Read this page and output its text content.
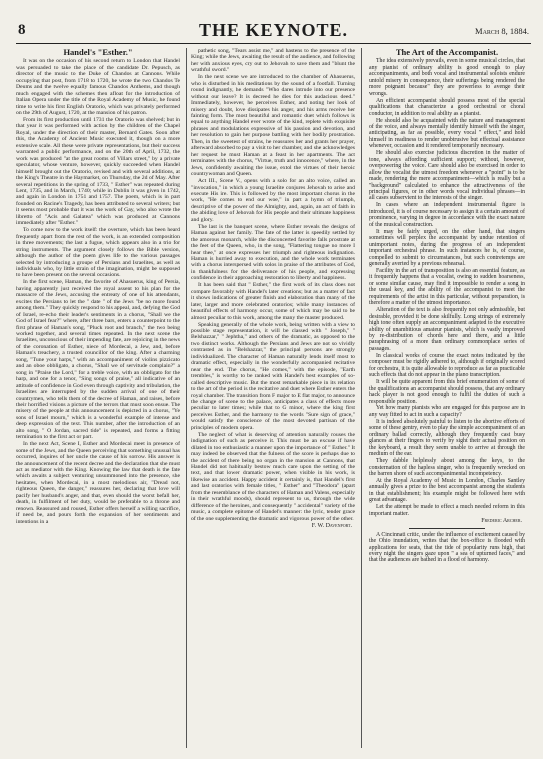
8	THE KEYNOTE.	March 8, 1884.
Handel's "Esther."

It was on the occasion of his second return to London that Handel was persuaded to take the place of the candidate Dr. Pepusch, as director of the music to the Duke of Chandos at Cannons. While occupying that post, from 1718 to 1720, he wrote the two Chandos Te Deums and the twelve equally famous Chandos Anthems, and though much engaged with the schemes then afloat for the introduction of Italian Opera under the title of the Royal Academy of Music, he found time to write his first English Oratorio, which was privately performed on the 29th of August, 1720, at the mansion of his patron.

From its first production until 1731 the Oratorio was shelved; but in that year it was performed with action by the children of the Chapel Royal, under the direction of their master, Bernard Gates. Soon after this, the Academy of Ancient Music executed it, though on a more extensive scale. All these were private representations, but their success warranted a public performance, and on the 20th of April, 1732, the work was produced "at the great rooms of Villars street," by a private speculator, whose venture, however, quickly succeeded when Handel himself brought out the Oratorio, revised and with several additions, at the King's Theatre in the Haymarket, on Thursday, the 2d of May. After several repetitions in the spring of 1733, " Esther" was repeated during Lent, 1735, and in March, 1740; while in Dublin it was given in 1742, and again in London in 1751 and 1757. The poem, which is in part founded on Racine's Tragedy, has been attributed to several writers; but it seems most probable that it was the work of Gay, who also wrote the libretto of "Acis and Galatea" which was produced at Cannons immediately after "Esther."

To come now to the work itself: the overture, which has been heard frequently apart from the rest of the work, is an extended composition in three movements; the last a fugue, which appears also in a trio for string instruments. The argument closely follows the Bible version, although the author of the poem gives life to the various passages selected by introducing a groupe of Persians and Israelites, as well as individuals who, by little strain of the imagination, might be supposed to have been present on the several occasions.

In the first scene, Haman, the favorite of Ahasuerus, king of Persia, having apparently just received the royal assent to his plan for the massacre of the Jews, accusing the entreaty of one of his attendants, excites the Persians to let the " date " of the Jews "be no more found among them." They quickly respond to his appeal, and, defying the God of Israel, re-echo their leader's sentiments in a chorus, "Shall we the God of Israel fear?" where, after three bars, enters a counterpoint to the first phrase of Haman's song, "Pluck root and branch," the two being worked together, and several times repeated. In the next scene the Israelites, unconscious of their impending fate, are rejoicing in the news of the coronation of Esther, niece of Mordecai, a Jew, and, before Haman's treachery, a trusted councillor of the king. After a charming song, "Tune your harps," with an accompaniment of violins pizzicato and an oboe obbligato, a chorus, "Shall we of servitude complain?" a song in "Praise the Lord," for a treble voice, with an obbligato for the harp, and one for a tenor, "Sing songs of praise," all indicative of an attitude of confidence in God even through captivity and tribulation, the Israelites are interrupted by the sudden arrival of one of their countrymen, who tells them of the decree of Haman, and raises, before their horrified visions a picture of the terrors that must soon ensue. The misery of the people at this announcement is depicted in a chorus, "Ye sons of Israel mourn," which is a wonderful example of intense and deep expression of the text. This number, after the introduction of an alto song, " O Jordan, sacred tide" is repeated, and forms a fitting termination to the first act or part.

In the next Act, Scene I, Esther and Mordecai meet in presence of some of the Jews, and the Queen perceiving that something unusual has occurred, inquires of her uncle the cause of his sorrow. His answer is the announcement of the recent decree and the declaration that she must act as mediator with the King. Knowing the law that death is the fate which awaits a subject venturing unsummoned into the presence, she hesitates, when Mordecai, in a most melodious air, "Dread not, righteous Queen, the danger," reassures her, declaring that love will pacify her husband's anger, and that, even should the worst befall her, death, in fulfilment of her duty, would be preferable to a throne and renown. Reassured and roused, Esther offers herself a willing sacrifice, if need be, and pours forth the expansion of her sentiments and intentions in a

pathetic song, "Tears assist me," and hastens to the presence of the King; while the Jews, awaiting the result of the audience, and following her with anxious eyes, cry out to Jehovah to save them and "blunt the wrathful sword."

In the next scene we are introduced to the chamber of Ahasuerus, who is disturbed in his meditations by the sound of a footfall. Turning round indignantly, he demands "Who dares intrude into our presence without our leave? It is decreed he dies for this audacious deed." Immediately, however, he perceives Esther, and noting her look of misery and doubt, love dissipates his anger, and his arms receive her fainting form. The most beautiful and romantic duet which follows is equal to anything Handel ever wrote of the kind, replete with exquisite phrases and modulations expressive of his passion and devotion, and her resolution to gain her purpose battling with her bodily prostration. Then, in the sweetest of strains, he reassures her and grants her prayer, afterward absorbed to pay a visit to her chamber, and she acknowledges her request he must Haman at a feast in her apartments. The act terminates with the chorus, "Virtue, truth and innocence," where, in the Jews, confidently awaiting the issue, extol the virtues of their heroic countrywoman and Queen.

Act III., Scene V., opens with a solo for an alto voice, called an "invocation," in which a young Israelite conjures Jehovah to arise and execute His ire. This is followed by the most important chorus in the work, "He comes to end our woe," in part a hymn of triumph, descriptive of the power of the Almighty, and, again, an act of faith in the abiding love of Jehovah for His people and their ultimate happiness and glory.

The last is the banquet scene, where Esther reveals the designs of Haman against her family. The fate of the latter is speedily settled by the amorous monarch, while the disconcerted favorite falls prostrate at the feet of the Queen, who, in the song, "Flattering tongue no more I hear thee," at once expresses her triumph and righteous indignation. Haman is hurried away to execution, and the whole work terminates with a chorus interspersed with solos in praise of the attributes of God, in thankfulness for the deliverance of his people, and expressing confidence in their approaching restoration to liberty and happiness.

It has been said that " Esther," the first work of its class does not compare favorably with Handel's later creations; but as a matter of fact it shows indications of greater finish and elaboration than many of the later, larger and more celebrated oratorios; while many instances of beautiful effects of harmony occur, some of which may be said to be almost peculiar to this work, among the many the master produced.

Speaking generally of the whole work, being written with a view to possible stage representation, it will be classed with " Joseph," " Belshazzar," " Jephtha," and others of the dramatic, as opposed to the two distinct works. Although the Persians and Jews are not so vividly contrasted as in "Belshazzar," the principal persons are strongly individualized. The character of Haman naturally lends itself most to dramatic effect, especially in the wonderfully accompanied recitative near the end. The chorus, "He comes," with the episode, "Earth trembles," is worthy to be ranked with Handel's best examples of so-called descriptive music. But the most remarkable piece in its relation to the art of the period is the recitative and duet where Esther enters the royal chamber. The transition from F major to E flat major, to announce the change of scene to the palace, anticipates a class of effects more peculiar to later times; while that to G minor, where the king first perceives Esther, and the harmony to the words "Sure sign of grace," would satisfy the conscience of the most devoted partisan of the principles of modern opera.

The neglect of what is deserving of attention naturally rouses the indignation of such as perceive it. This must be an excuse if have dilated in too enthusiastic a manner upon the importance of " Esther." It may indeed be observed that the fulness of the score is perhaps due to the accident of there being no organ in the mansion at Cannons, that Handel did not habitually bestow much care upon the setting of the text, and that lower dramatic power, when visible in his work, is likewise an accident. Happy accident it certainly is, that Handel's first and last oratorios with female titles, " Esther" and "Theodora" (apart from the resemblance of the characters of Haman and Valens, especially in their wrathful moods), should represent to us, through the wide difference of the heroines, and consequently " accidental" variety of the music, a complete epitome of Handel's manner: the lyric, tender grace of the one supplementing the dramatic and vigorous power of the other.

F. W. Davenport.
The Art of the Accompanist.

The idea extensively prevails, even in some musical circles, that any pianist of ordinary ability is good enough to play accompaniments, and both vocal and instrumental soloists endure untold misery in consequence, their sufferings being rendered the more poignant because" they are powerless to avenge their wrongs.

An efficient accompanist should possess most of the special qualifications that characterize a good orchestral or choral conductor, in addition to real ability as a pianist.

He should also be acquainted with the nature and management of the voice, and always mentally identify himself with the singer, anticipating, as far as possible, every vocal " effect," and hold himself in readiness to render unobtrusive but effectual assistance whenever, occasion and it rendered temporarily necessary.

He should also exercise judicious discretion in the matter of tone, always affording sufficient support; without, however, overpowering the voice. Care should also be exercised in order to allow the vocalist the utmost freedom whenever a "point" is to be made, rendering the mere accompaniment—which is really but a "background" calculated to enhance the attractiveness of the principal figures, or in other words vocal individual phrases—in all cases subservient to the interests of the singer.

In cases where an independent instrumental figure is introduced, it is of course necessary to assign it a certain amount of prominence, varying in degree in accordance with the exact nature of the musical construction.

It may be fairly urged, on the other hand, that singers sometimes will perplex the accompanist by undue retention of unimportant notes, during the progress of an independent important orchestral phrase. In such instances he is, of course, compelled to submit to circumstances, but such contretemps are generally averted by a previous rehearsal.

Facility in the art of transposition is also an essential feature, as it frequently happens that a vocalist, owing to sudden hoarseness, or some similar cause, may find it impossible to render a song in the usual key, and the ability of the accompanist to meet the requirements of the artist in this particular, without preparation, is therefore a matter of the utmost importance.

Alteration of the text is also frequently not only admissible, but desirable, provided it be done skilfully. Long strings of extremely high tone often supply an accompaniment adapted to the executive ability of unambitious amateur pianists, which is vastly improved by re-distribution of chords here and there, and a little paraphrasing of a more than ordinary commonplace series of passages.

In classical works of course the exact notes indicated by the composer must be rigidly adhered to, although if originally scored for orchestra, it is quite allowable to reproduce as far as practicable such effects that do not appear in the piano transcription.

It will be quite apparent from this brief enumeration of some of the qualifications an accompanist should possess, that any ordinary hack player is not good enough to fulfil the duties of such a responsible position.

Yet how many pianists who are engaged for this purpose are in any way fitted to act in such a capacity?

It is indeed absolutely painful to listen to the abortive efforts of some of these gentry, even to play the simple accompaniment of an ordinary ballad correctly, although they frequently cast busy glances at their fingers to verify by sight their actual position on the keyboard, a result they seem unable to arrive at through the medium of the ear.

They dabble helplessly about among the keys, to the consternation of the hapless singer, who is frequently wrecked on the barren shore of such accompanimental incompetency.

At the Royal Academy of Music in London, Charles Santley annually gives a prize to the best accompanist among the students in that establishment; his example might be followed here with great advantage.

Let the attempt be made to effect a much needed reform in this important matter.

Frederic Archer.

A Cincinnati critic, under the influence of excitement caused by the Ohio inundation, writes that the box-office is flooded with applications for seats, that the tide of popularity runs high, that every night the singers gaze upon " a sea of upturned faces," and that the audiences are bathed in a flood of harmony.
